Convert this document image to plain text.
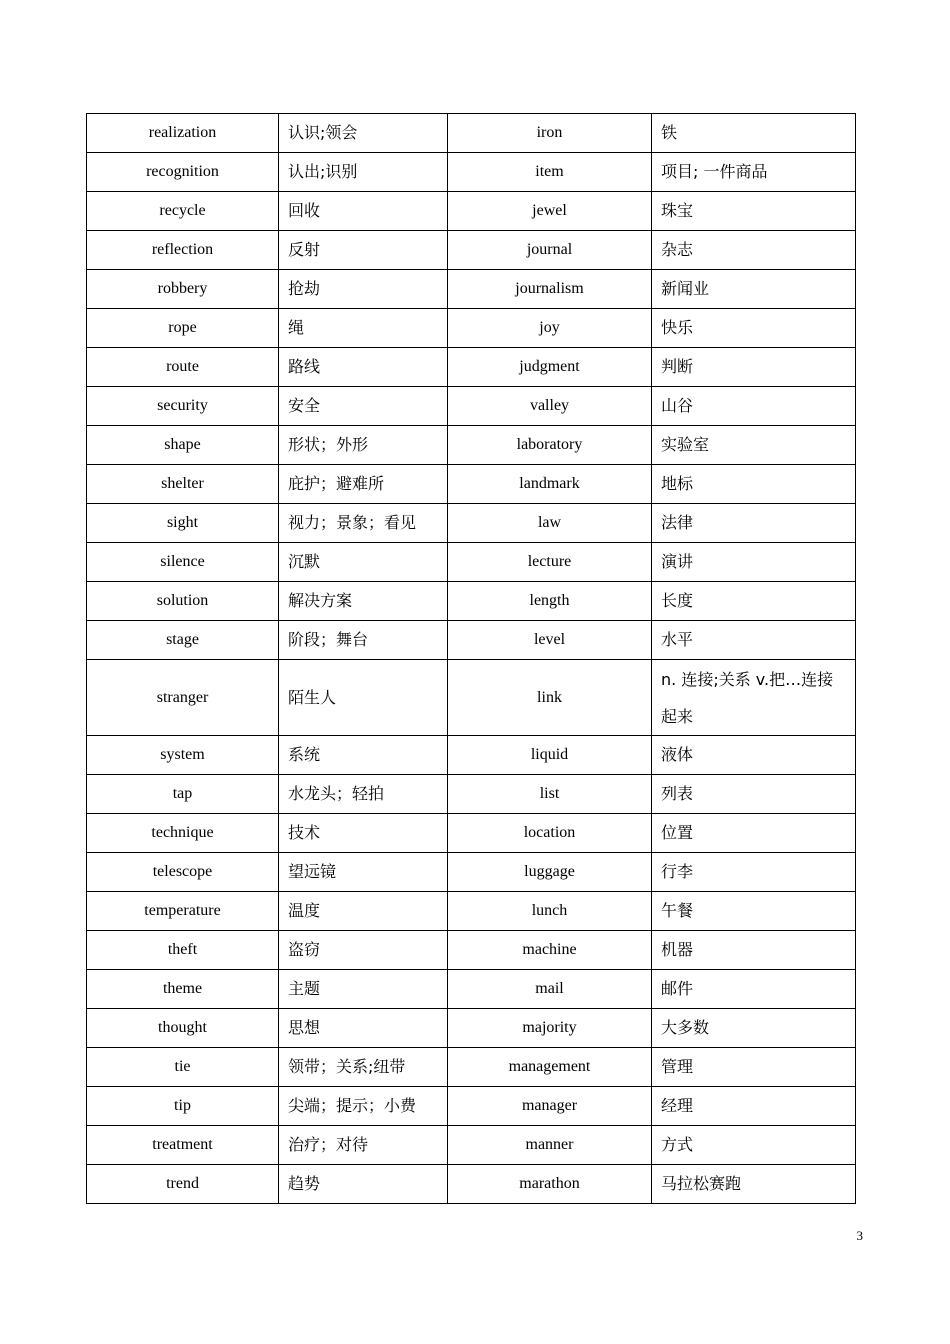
realization	认识;领会	iron	铁
recognition	认出;识别	item	项目; 一件商品
recycle	回收	jewel	珠宝
reflection	反射	journal	杂志
robbery	抢劫	journalism	新闻业
rope	绳	joy	快乐
route	路线	judgment	判断
security	安全	valley	山谷
shape	形状；外形	laboratory	实验室
shelter	庇护；避难所	landmark	地标
sight	视力；景象；看见	law	法律
silence	沉默	lecture	演讲
solution	解决方案	length	长度
stage	阶段；舞台	level	水平
stranger	陌生人	link	n. 连接;关系 v.把…连接起来
system	系统	liquid	液体
tap	水龙头；轻拍	list	列表
technique	技术	location	位置
telescope	望远镜	luggage	行李
temperature	温度	lunch	午餐
theft	盗窃	machine	机器
theme	主题	mail	邮件
thought	思想	majority	大多数
tie	领带；关系;纽带	management	管理
tip	尖端；提示；小费	manager	经理
treatment	治疗；对待	manner	方式
trend	趋势	marathon	马拉松赛跑
3
